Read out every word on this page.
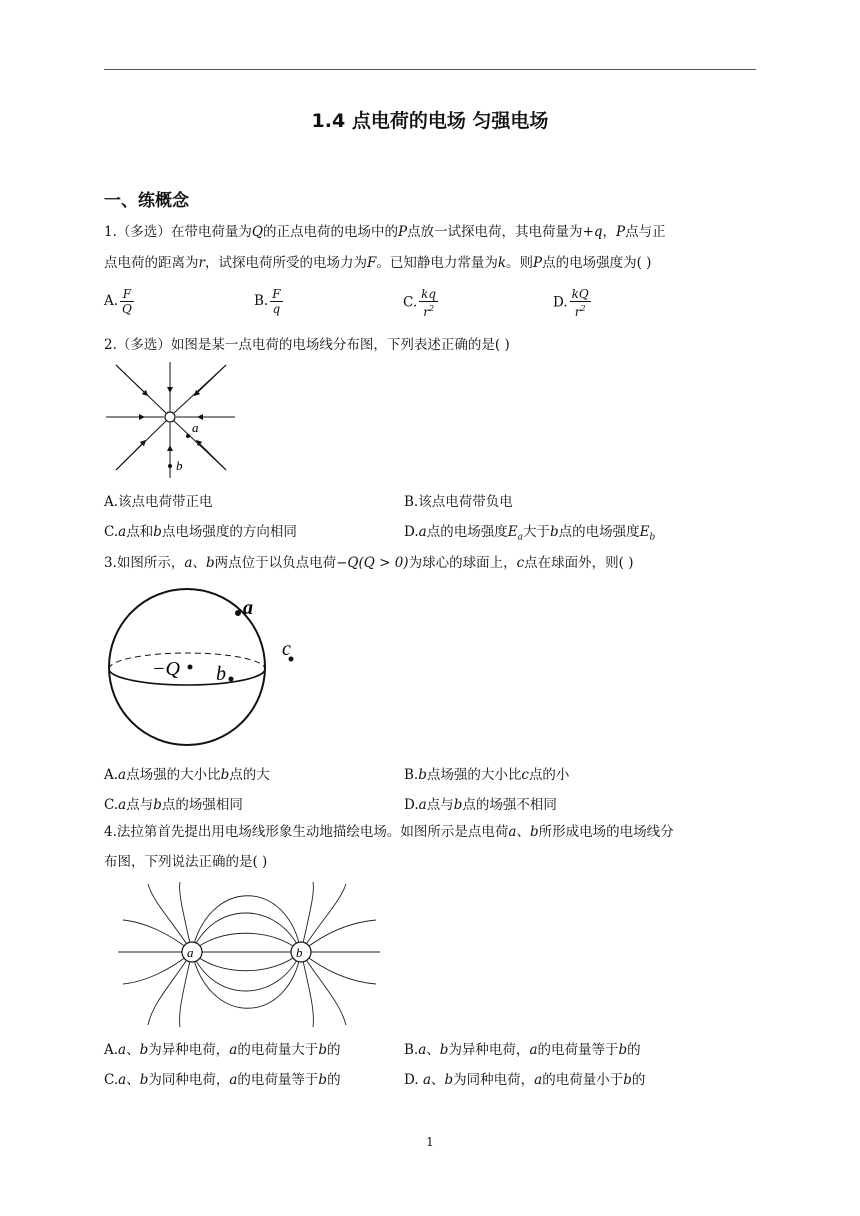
1.4 点电荷的电场 匀强电场
一、练概念
1.（多选）在带电荷量为Q的正点电荷的电场中的P点放一试探电荷，其电荷量为+q，P点与正
点电荷的距离为r，试探电荷所受的电场力为F。已知静电力常量为k。则P点的电场强度为( )
A. $\frac{F}{Q}$	B. $\frac{F}{q}$	C. $\frac{kq}{r^2}$	D. $\frac{kQ}{r^2}$
2.（多选）如图是某一点电荷的电场线分布图，下列表述正确的是( )
a
b
A.该点电荷带正电	B.该点电荷带负电
C.a点和b点电场强度的方向相同	D.a点的电场强度$E_a$大于b点的电场强度$E_b$
3.如图所示，a、b两点位于以负点电荷−Q(Q > 0)为球心的球面上，c点在球面外，则( )
a
−Q b
c
A.a点场强的大小比b点的大	B.b点场强的大小比c点的小
C.a点与b点的场强相同	D.a点与b点的场强不相同
4.法拉第首先提出用电场线形象生动地描绘电场。如图所示是点电荷a、b所形成电场的电场线分
布图，下列说法正确的是( )
a	b
A.a、b为异种电荷，a的电荷量大于b的	B.a、b为异种电荷，a的电荷量等于b的
C.a、b为同种电荷，a的电荷量等于b的	D. a、b为同种电荷，a的电荷量小于b的
1
